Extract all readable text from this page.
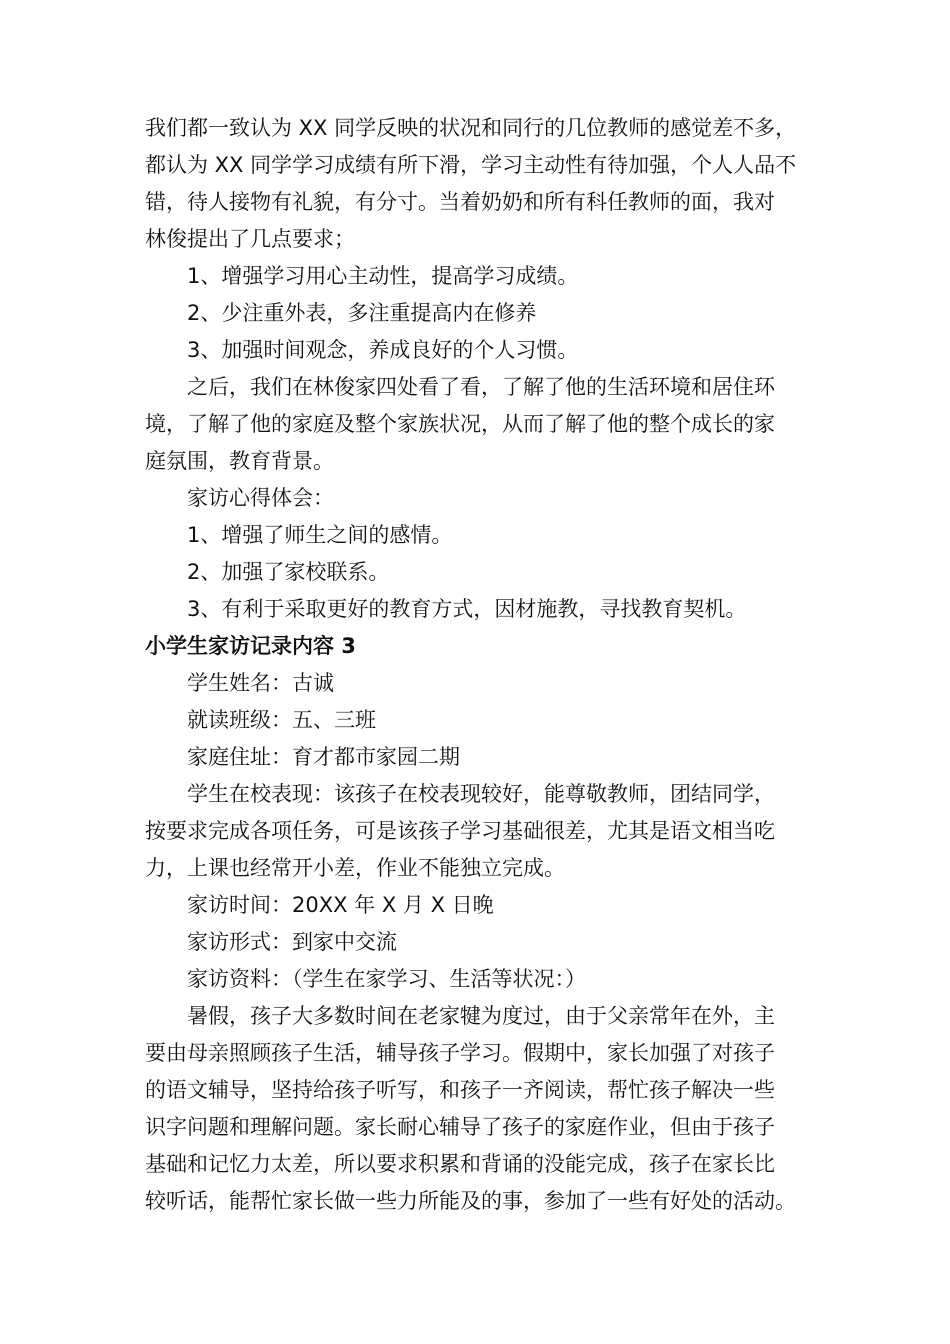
我们都一致认为 XX 同学反映的状况和同行的几位教师的感觉差不多，

都认为 XX 同学学习成绩有所下滑，学习主动性有待加强，个人人品不

错，待人接物有礼貌，有分寸。当着奶奶和所有科任教师的面，我对

林俊提出了几点要求；

1、增强学习用心主动性，提高学习成绩。

2、少注重外表，多注重提高内在修养

3、加强时间观念，养成良好的个人习惯。

之后，我们在林俊家四处看了看，了解了他的生活环境和居住环

境，了解了他的家庭及整个家族状况，从而了解了他的整个成长的家

庭氛围，教育背景。

家访心得体会：

1、增强了师生之间的感情。

2、加强了家校联系。

3、有利于采取更好的教育方式，因材施教，寻找教育契机。

小学生家访记录内容 3

学生姓名：古诚

就读班级：五、三班

家庭住址：育才都市家园二期

学生在校表现：该孩子在校表现较好，能尊敬教师，团结同学，

按要求完成各项任务，可是该孩子学习基础很差，尤其是语文相当吃

力，上课也经常开小差，作业不能独立完成。

家访时间：20XX 年 X 月 X 日晚

家访形式：到家中交流

家访资料：（学生在家学习、生活等状况：）

暑假，孩子大多数时间在老家犍为度过，由于父亲常年在外，主

要由母亲照顾孩子生活，辅导孩子学习。假期中，家长加强了对孩子

的语文辅导，坚持给孩子听写，和孩子一齐阅读，帮忙孩子解决一些

识字问题和理解问题。家长耐心辅导了孩子的家庭作业，但由于孩子

基础和记忆力太差，所以要求积累和背诵的没能完成，孩子在家长比

较听话，能帮忙家长做一些力所能及的事，参加了一些有好处的活动。
